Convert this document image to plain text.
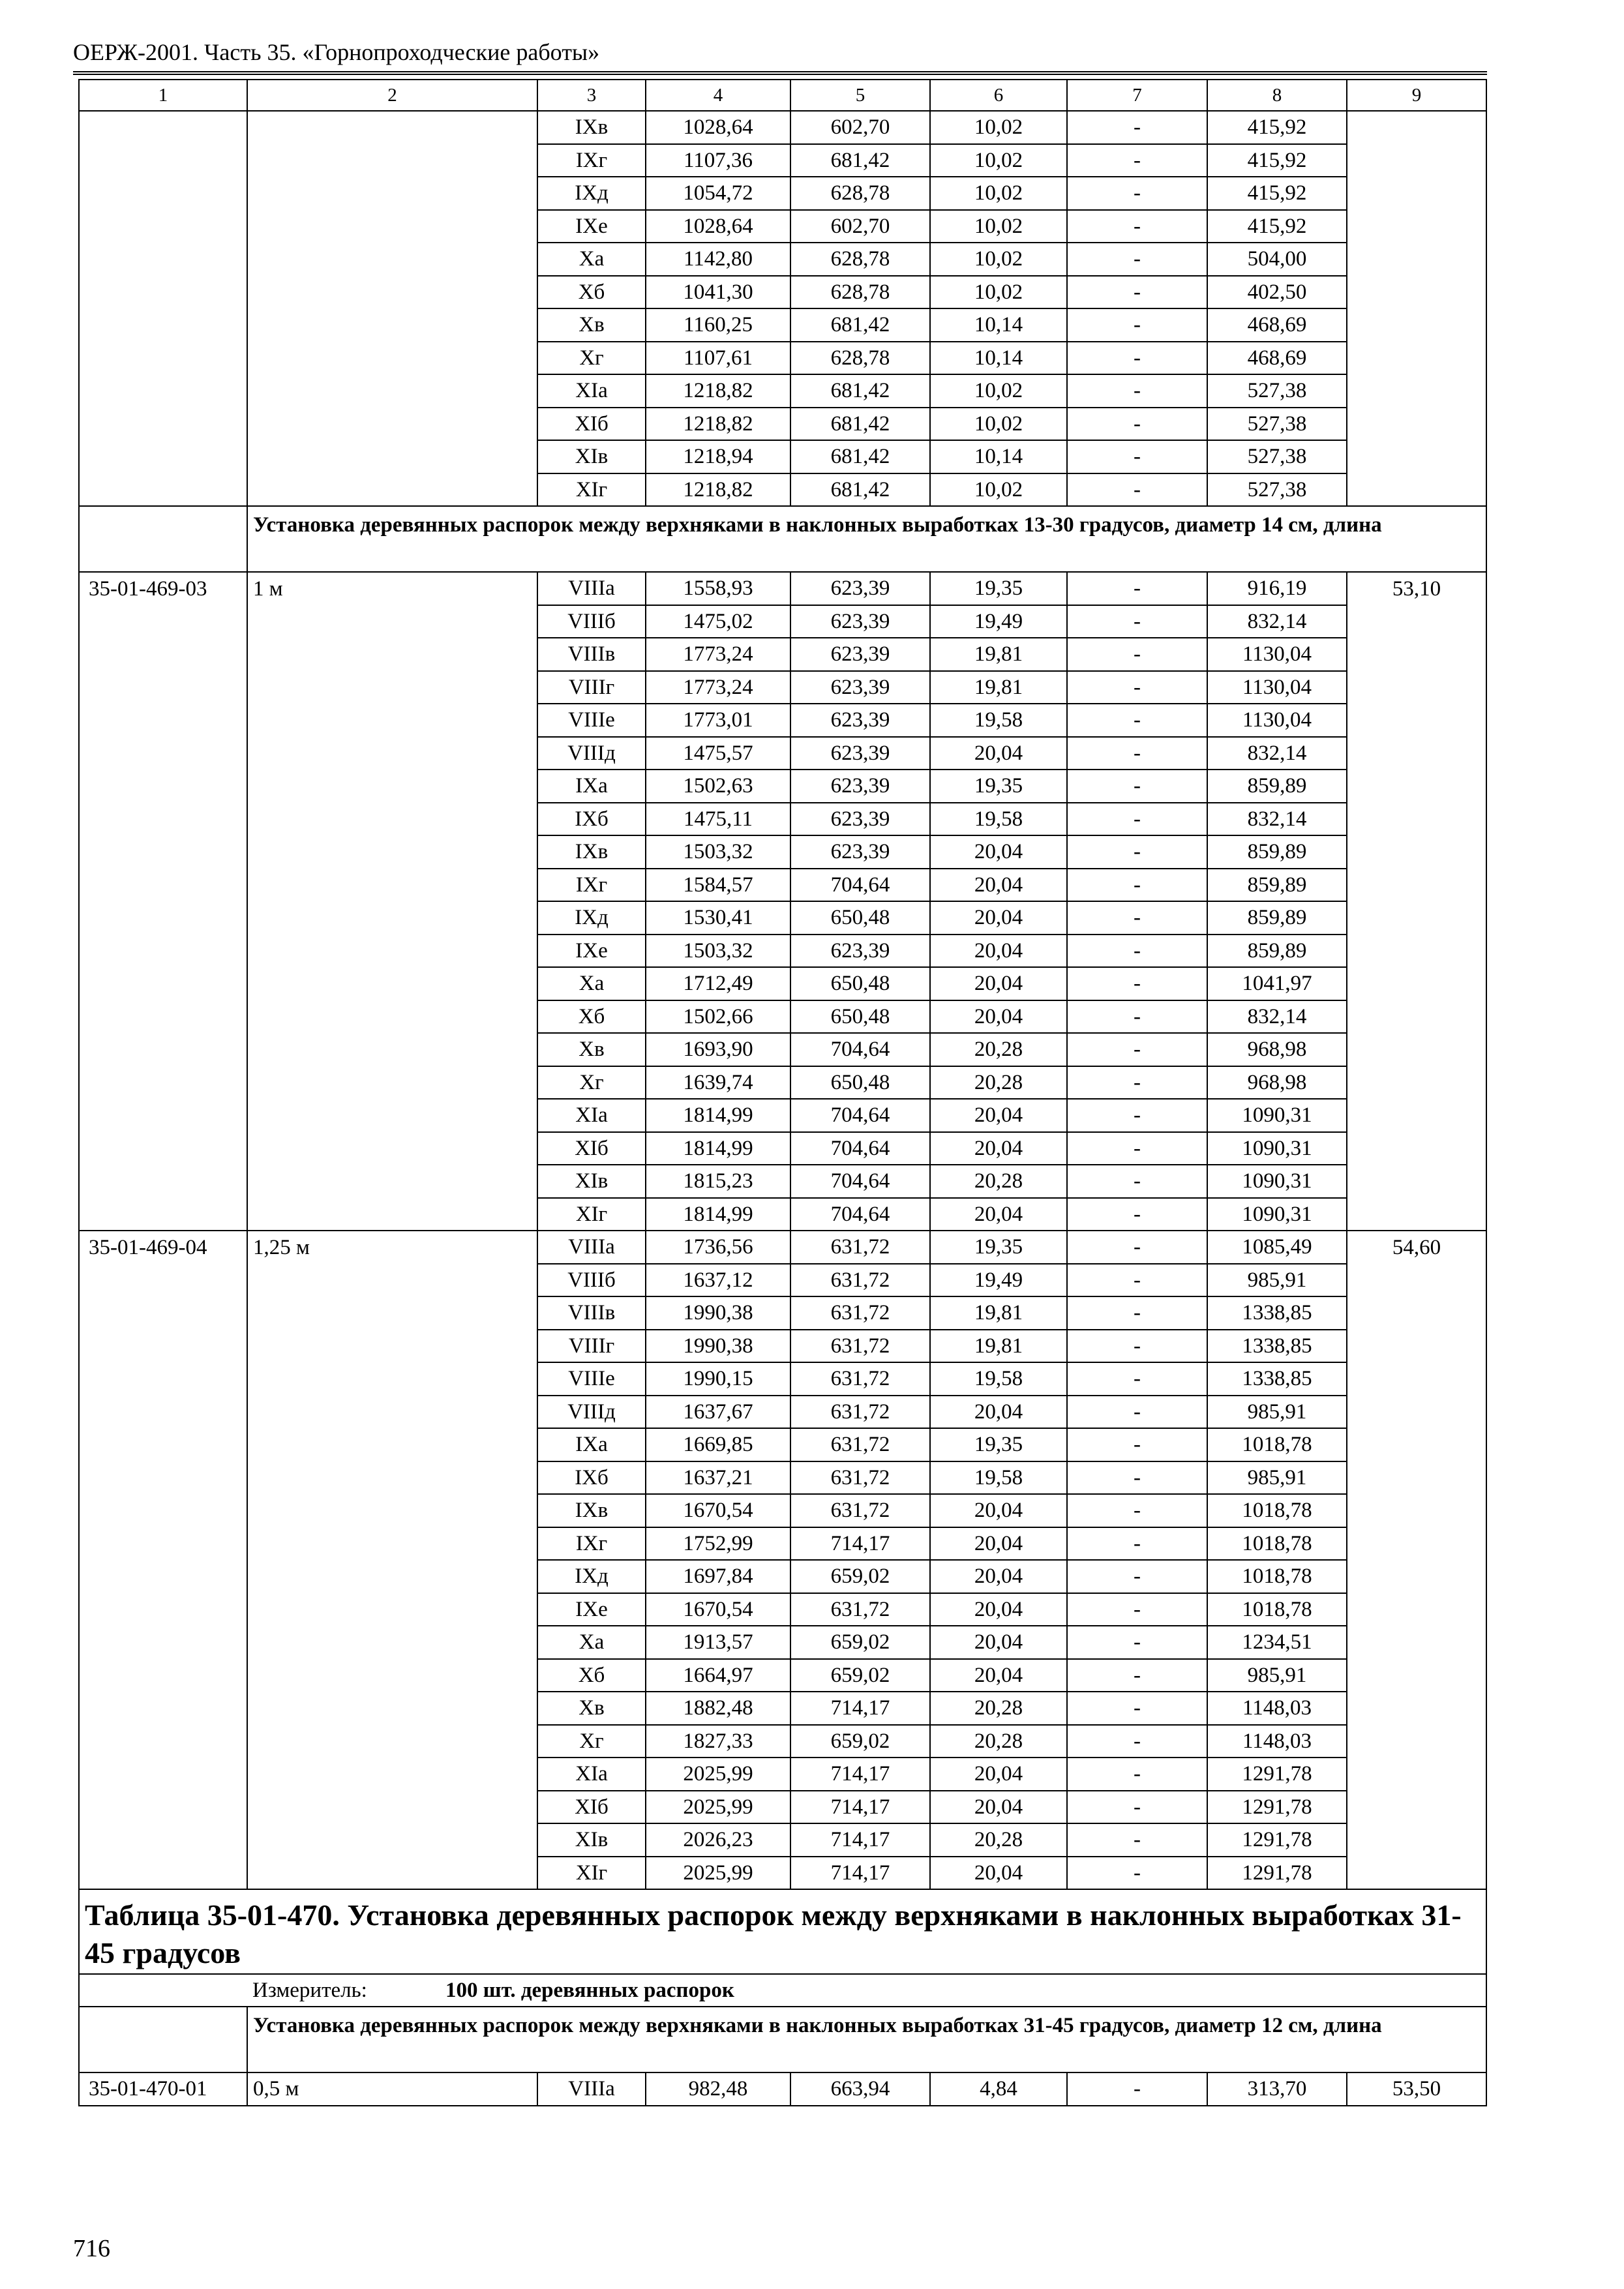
ОЕРЖ-2001. Часть 35. «Горнопроходческие работы»
1	2	3	4	5	6	7	8	9
		IXв	1028,64	602,70	10,02	-	415,92	
		IXг	1107,36	681,42	10,02	-	415,92	
		IXд	1054,72	628,78	10,02	-	415,92	
		IXе	1028,64	602,70	10,02	-	415,92	
		Xа	1142,80	628,78	10,02	-	504,00	
		Xб	1041,30	628,78	10,02	-	402,50	
		Xв	1160,25	681,42	10,14	-	468,69	
		Xг	1107,61	628,78	10,14	-	468,69	
		XIа	1218,82	681,42	10,02	-	527,38	
		XIб	1218,82	681,42	10,02	-	527,38	
		XIв	1218,94	681,42	10,14	-	527,38	
		XIг	1218,82	681,42	10,02	-	527,38	
	Установка деревянных распорок между верхняками в наклонных выработках 13-30 градусов, диаметр 14 см, длина							
35-01-469-03	1 м	VIIIа	1558,93	623,39	19,35	-	916,19	53,10
		VIIIб	1475,02	623,39	19,49	-	832,14	
		VIIIв	1773,24	623,39	19,81	-	1130,04	
		VIIIг	1773,24	623,39	19,81	-	1130,04	
		VIIIе	1773,01	623,39	19,58	-	1130,04	
		VIIIд	1475,57	623,39	20,04	-	832,14	
		IXа	1502,63	623,39	19,35	-	859,89	
		IXб	1475,11	623,39	19,58	-	832,14	
		IXв	1503,32	623,39	20,04	-	859,89	
		IXг	1584,57	704,64	20,04	-	859,89	
		IXд	1530,41	650,48	20,04	-	859,89	
		IXе	1503,32	623,39	20,04	-	859,89	
		Xа	1712,49	650,48	20,04	-	1041,97	
		Xб	1502,66	650,48	20,04	-	832,14	
		Xв	1693,90	704,64	20,28	-	968,98	
		Xг	1639,74	650,48	20,28	-	968,98	
		XIа	1814,99	704,64	20,04	-	1090,31	
		XIб	1814,99	704,64	20,04	-	1090,31	
		XIв	1815,23	704,64	20,28	-	1090,31	
		XIг	1814,99	704,64	20,04	-	1090,31	
35-01-469-04	1,25 м	VIIIа	1736,56	631,72	19,35	-	1085,49	54,60
		VIIIб	1637,12	631,72	19,49	-	985,91	
		VIIIв	1990,38	631,72	19,81	-	1338,85	
		VIIIг	1990,38	631,72	19,81	-	1338,85	
		VIIIе	1990,15	631,72	19,58	-	1338,85	
		VIIIд	1637,67	631,72	20,04	-	985,91	
		IXа	1669,85	631,72	19,35	-	1018,78	
		IXб	1637,21	631,72	19,58	-	985,91	
		IXв	1670,54	631,72	20,04	-	1018,78	
		IXг	1752,99	714,17	20,04	-	1018,78	
		IXд	1697,84	659,02	20,04	-	1018,78	
		IXе	1670,54	631,72	20,04	-	1018,78	
		Xа	1913,57	659,02	20,04	-	1234,51	
		Xб	1664,97	659,02	20,04	-	985,91	
		Xв	1882,48	714,17	20,28	-	1148,03	
		Xг	1827,33	659,02	20,28	-	1148,03	
		XIа	2025,99	714,17	20,04	-	1291,78	
		XIб	2025,99	714,17	20,04	-	1291,78	
		XIв	2026,23	714,17	20,28	-	1291,78	
		XIг	2025,99	714,17	20,04	-	1291,78	
Таблица 35-01-470. Установка деревянных распорок между верхняками в наклонных выработках 31-45 градусов								
	Измеритель: 100 шт. деревянных распорок							
	Установка деревянных распорок между верхняками в наклонных выработках 31-45 градусов, диаметр 12 см, длина							
35-01-470-01	0,5 м	VIIIа	982,48	663,94	4,84	-	313,70	53,50
716
